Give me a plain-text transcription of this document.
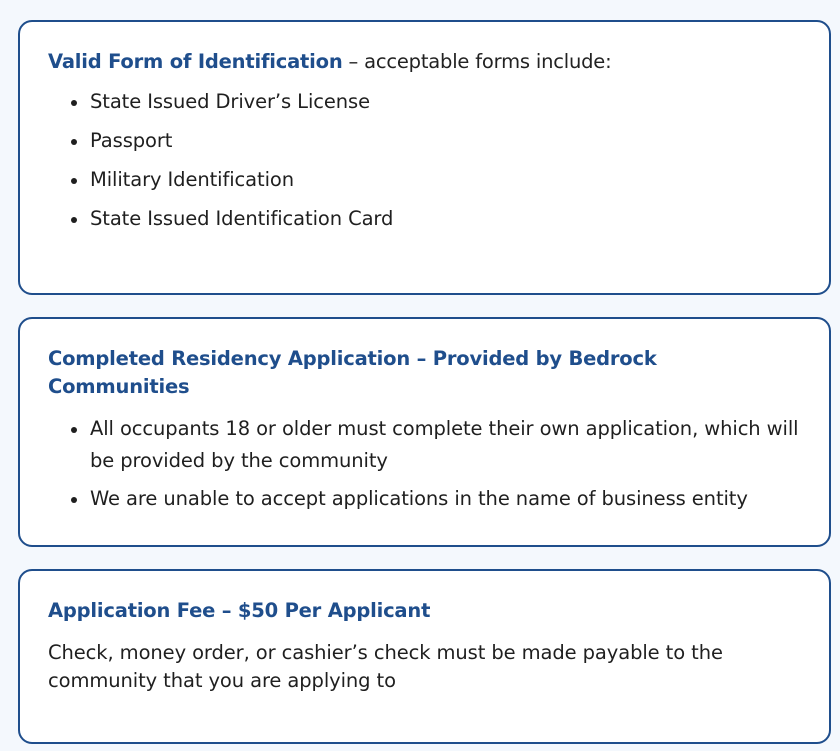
Valid Form of Identification – acceptable forms include:

State Issued Driver’s License
Passport
Military Identification
State Issued Identification Card

Completed Residency Application – Provided by Bedrock Communities

All occupants 18 or older must complete their own application, which will be provided by the community
We are unable to accept applications in the name of business entity

Application Fee – $50 Per Applicant

Check, money order, or cashier’s check must be made payable to the community that you are applying to
